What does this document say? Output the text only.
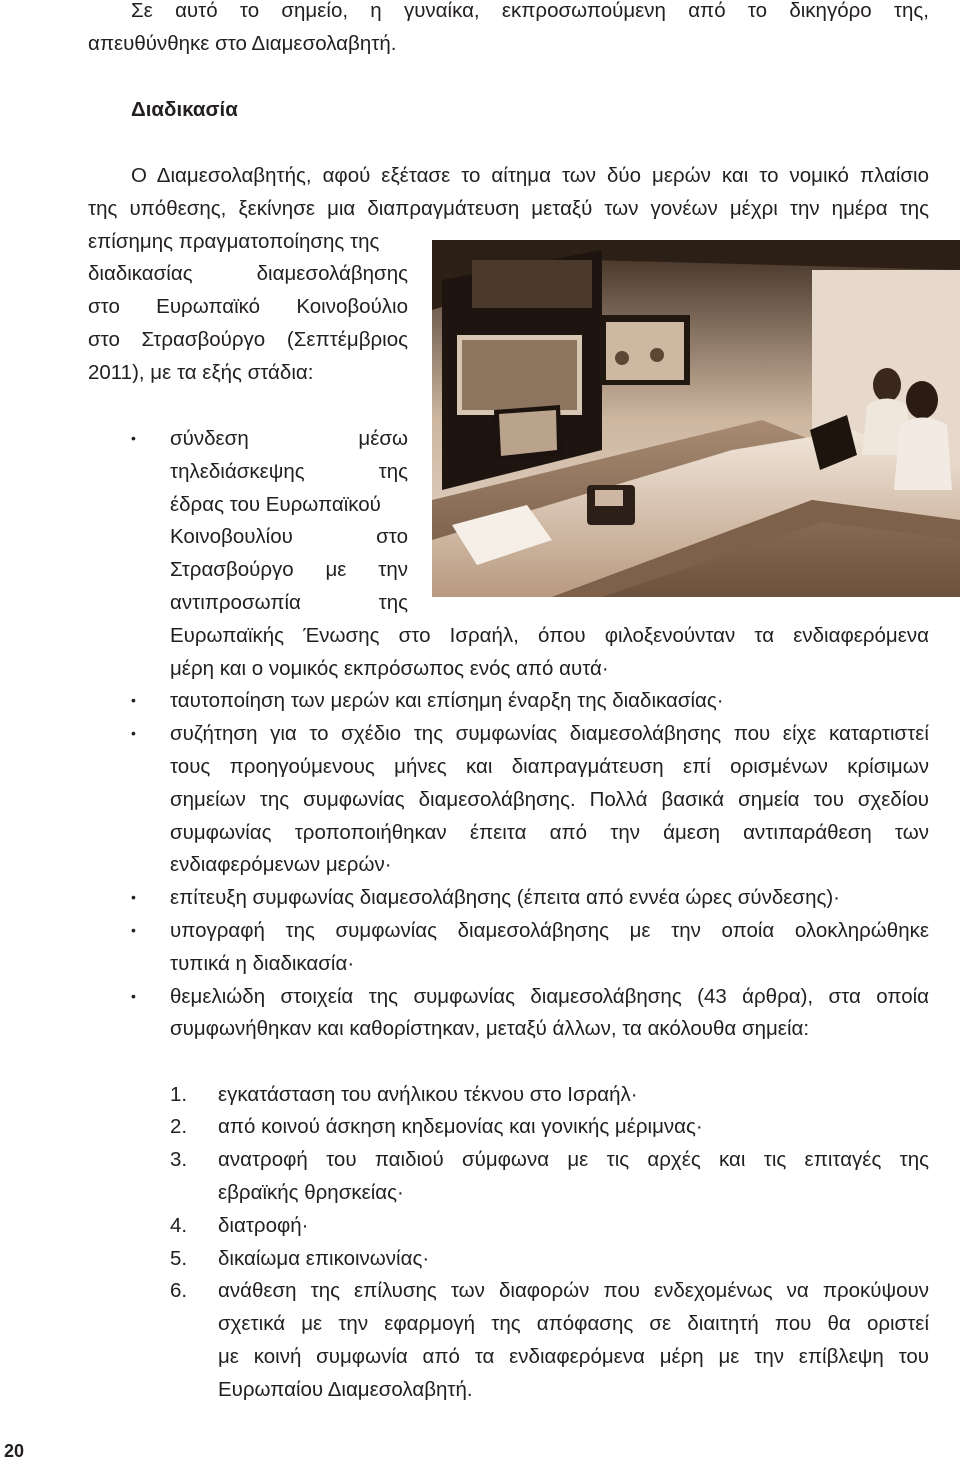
Σε αυτό το σημείο, η γυναίκα, εκπροσωπούμενη από το δικηγόρο της,
απευθύνθηκε στο Διαμεσολαβητή.
Διαδικασία
Ο Διαμεσολαβητής, αφού εξέτασε το αίτημα των δύο μερών και το νομικό πλαίσιο
της υπόθεσης, ξεκίνησε μια διαπραγμάτευση μεταξύ των γονέων μέχρι την ημέρα της
επίσημης πραγματοποίησης της
διαδικασίας διαμεσολάβησης
στο Ευρωπαϊκό Κοινοβούλιο
στο Στρασβούργο (Σεπτέμβριος
2011), με τα εξής στάδια:
• σύνδεση μέσω
τηλεδιάσκεψης της
έδρας του Ευρωπαϊκού
Κοινοβουλίου στο
Στρασβούργο με την
αντιπροσωπία της
Ευρωπαϊκής Ένωσης στο Ισραήλ, όπου φιλοξενούνταν τα ενδιαφερόμενα
μέρη και ο νομικός εκπρόσωπος ενός από αυτά·
• ταυτοποίηση των μερών και επίσημη έναρξη της διαδικασίας·
• συζήτηση για το σχέδιο της συμφωνίας διαμεσολάβησης που είχε καταρτιστεί
τους προηγούμενους μήνες και διαπραγμάτευση επί ορισμένων κρίσιμων
σημείων της συμφωνίας διαμεσολάβησης. Πολλά βασικά σημεία του σχεδίου
συμφωνίας τροποποιήθηκαν έπειτα από την άμεση αντιπαράθεση των
ενδιαφερόμενων μερών·
• επίτευξη συμφωνίας διαμεσολάβησης (έπειτα από εννέα ώρες σύνδεσης)·
• υπογραφή της συμφωνίας διαμεσολάβησης με την οποία ολοκληρώθηκε
τυπικά η διαδικασία·
• θεμελιώδη στοιχεία της συμφωνίας διαμεσολάβησης (43 άρθρα), στα οποία
συμφωνήθηκαν και καθορίστηκαν, μεταξύ άλλων, τα ακόλουθα σημεία:
1. εγκατάσταση του ανήλικου τέκνου στο Ισραήλ·
2. από κοινού άσκηση κηδεμονίας και γονικής μέριμνας·
3. ανατροφή του παιδιού σύμφωνα με τις αρχές και τις επιταγές της
εβραϊκής θρησκείας·
4. διατροφή·
5. δικαίωμα επικοινωνίας·
6. ανάθεση της επίλυσης των διαφορών που ενδεχομένως να προκύψουν
σχετικά με την εφαρμογή της απόφασης σε διαιτητή που θα οριστεί
με κοινή συμφωνία από τα ενδιαφερόμενα μέρη με την επίβλεψη του
Ευρωπαίου Διαμεσολαβητή.
20
